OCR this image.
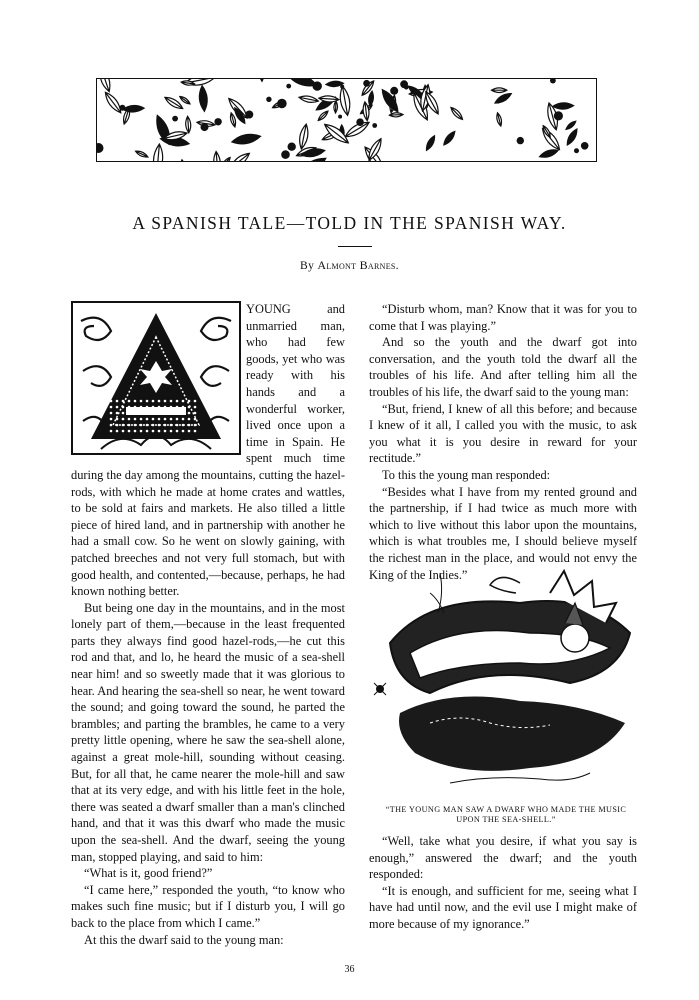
A SPANISH TALE—TOLD IN THE SPANISH WAY.
By Almont Barnes.
A

YOUNG and unmarried man, who had few goods, yet who was ready with his hands and a wonderful worker, lived once upon a time in Spain. He spent much time during the day among the mountains, cutting the hazel-rods, with which he made at home crates and wattles, to be sold at fairs and markets. He also tilled a little piece of hired land, and in partnership with another he had a small cow. So he went on slowly gaining, with patched breeches and not very full stomach, but with good health, and contented,—because, perhaps, he had known nothing better.

But being one day in the mountains, and in the most lonely part of them,—because in the least frequented parts they always find good hazel-rods,—he cut this rod and that, and lo, he heard the music of a sea-shell near him! and so sweetly made that it was glorious to hear. And hearing the sea-shell so near, he went toward the sound; and going toward the sound, he parted the brambles; and parting the brambles, he came to a very pretty little opening, where he saw the sea-shell alone, against a great mole-hill, sounding without ceasing. But, for all that, he came nearer the mole-hill and saw that at its very edge, and with his little feet in the hole, there was seated a dwarf smaller than a man's clinched hand, and that it was this dwarf who made the music upon the sea-shell. And the dwarf, seeing the young man, stopped playing, and said to him:

“What is it, good friend?”

“I came here,” responded the youth, “to know who makes such fine music; but if I disturb you, I will go back to the place from which I came.”

At this the dwarf said to the young man:

“Disturb whom, man? Know that it was for you to come that I was playing.”

And so the youth and the dwarf got into conversation, and the youth told the dwarf all the troubles of his life. And after telling him all the troubles of his life, the dwarf said to the young man:

“But, friend, I knew of all this before; and because I knew of it all, I called you with the music, to ask you what it is you desire in reward for your rectitude.”

To this the young man responded:

“Besides what I have from my rented ground and the partnership, if I had twice as much more with which to live without this labor upon the mountains, which is what troubles me, I should believe myself the richest man in the place, and would not envy the King of the Indies.”

“THE YOUNG MAN SAW A DWARF WHO MADE THE MUSIC UPON THE SEA-SHELL.”

“Well, take what you desire, if what you say is enough,” answered the dwarf; and the youth responded:

“It is enough, and sufficient for me, seeing what I have had until now, and the evil use I might make of more because of my ignorance.”

36
